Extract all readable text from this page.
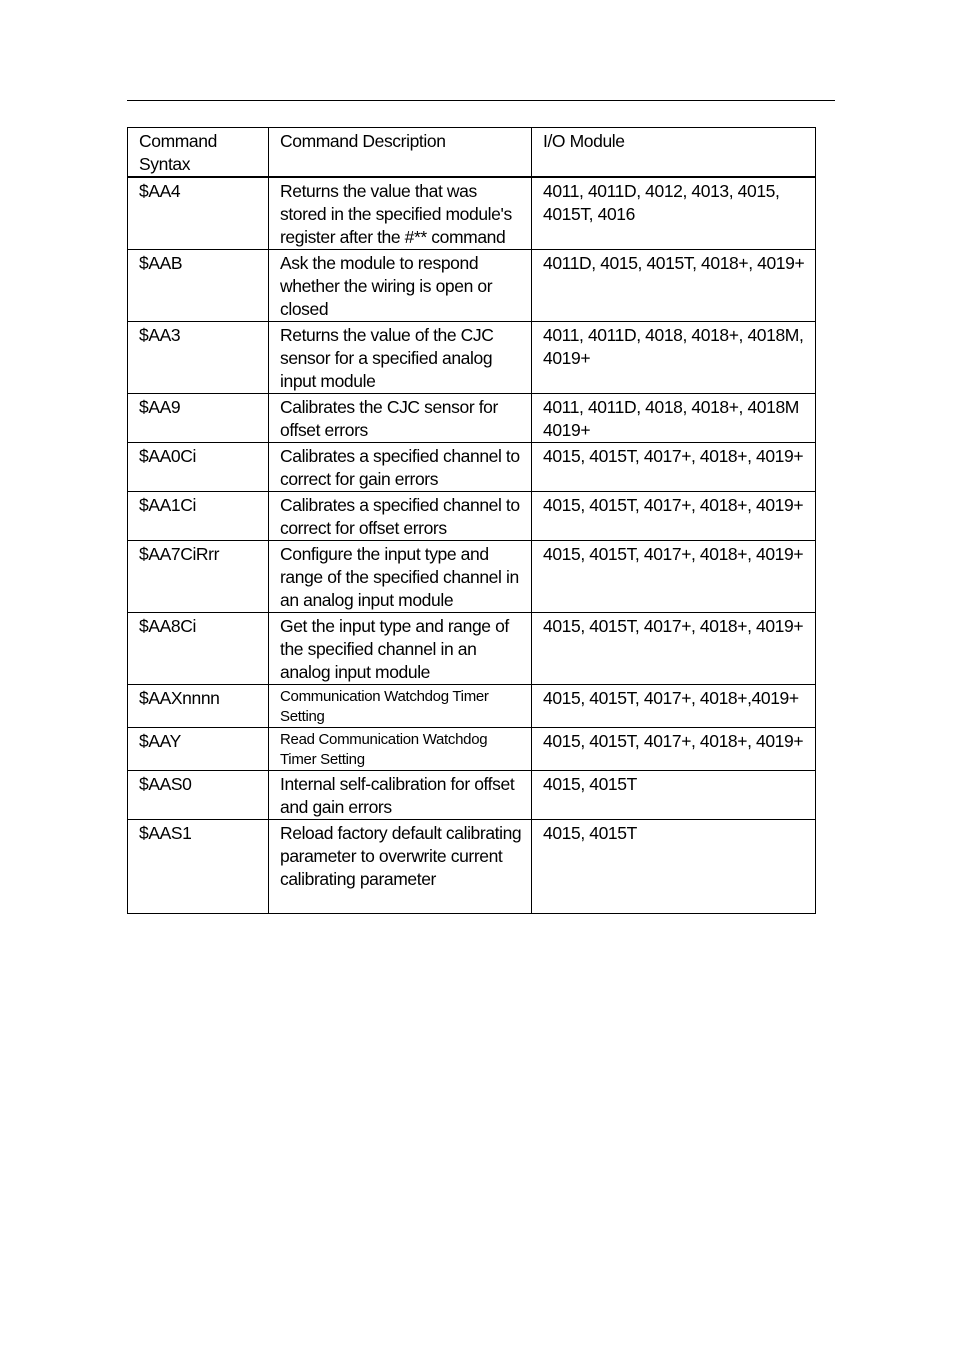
Command Syntax	Command Description	I/O Module
$AA4	Returns the value that was stored in the specified module's register after the #** command	4011, 4011D, 4012, 4013, 4015, 4015T, 4016
$AAB	Ask the module to respond whether the wiring is open or closed	4011D, 4015, 4015T, 4018+, 4019+
$AA3	Returns the value of the CJC sensor for a specified analog input module	4011, 4011D, 4018, 4018+, 4018M, 4019+
$AA9	Calibrates the CJC sensor for offset errors	4011, 4011D, 4018, 4018+, 4018M 4019+
$AA0Ci	Calibrates a specified channel to correct for gain errors	4015, 4015T, 4017+, 4018+, 4019+
$AA1Ci	Calibrates a specified channel to correct for offset errors	4015, 4015T, 4017+, 4018+, 4019+
$AA7CiRrr	Configure the input type and range of the specified channel in an analog input module	4015, 4015T, 4017+, 4018+, 4019+
$AA8Ci	Get the input type and range of the specified channel in an analog input module	4015, 4015T, 4017+, 4018+, 4019+
$AAXnnnn	Communication Watchdog Timer Setting	4015, 4015T, 4017+, 4018+,4019+
$AAY	Read Communication Watchdog Timer Setting	4015, 4015T, 4017+, 4018+, 4019+
$AAS0	Internal self-calibration for offset and gain errors	4015, 4015T
$AAS1	Reload factory default calibrating parameter to overwrite current calibrating parameter	4015, 4015T
